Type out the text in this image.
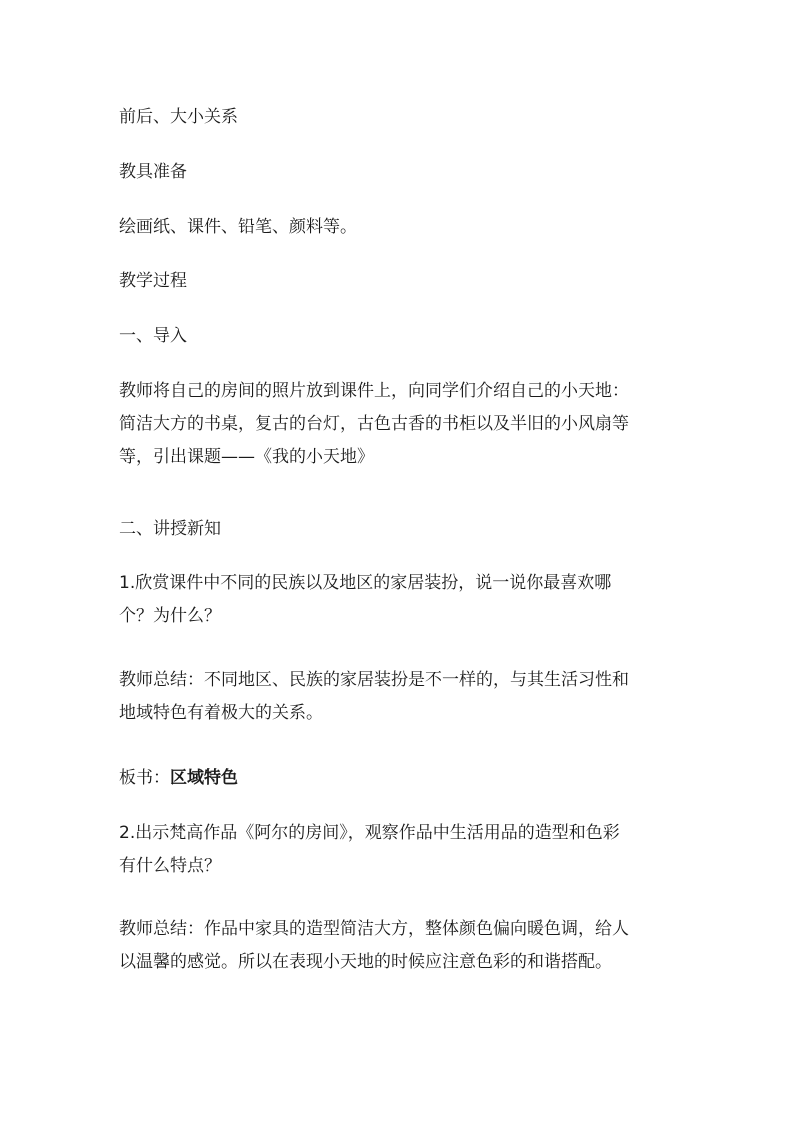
前后、大小关系

教具准备

绘画纸、课件、铅笔、颜料等。

教学过程

一、导入

教师将自己的房间的照片放到课件上，向同学们介绍自己的小天地：
简洁大方的书桌，复古的台灯，古色古香的书柜以及半旧的小风扇等
等，引出课题——《我的小天地》

二、讲授新知

1.欣赏课件中不同的民族以及地区的家居装扮，说一说你最喜欢哪
个？为什么？
教师总结：不同地区、民族的家居装扮是不一样的，与其生活习性和
地域特色有着极大的关系。

板书：区域特色

2.出示梵高作品《阿尔的房间》，观察作品中生活用品的造型和色彩
有什么特点？
教师总结：作品中家具的造型简洁大方，整体颜色偏向暖色调，给人
以温馨的感觉。所以在表现小天地的时候应注意色彩的和谐搭配。
